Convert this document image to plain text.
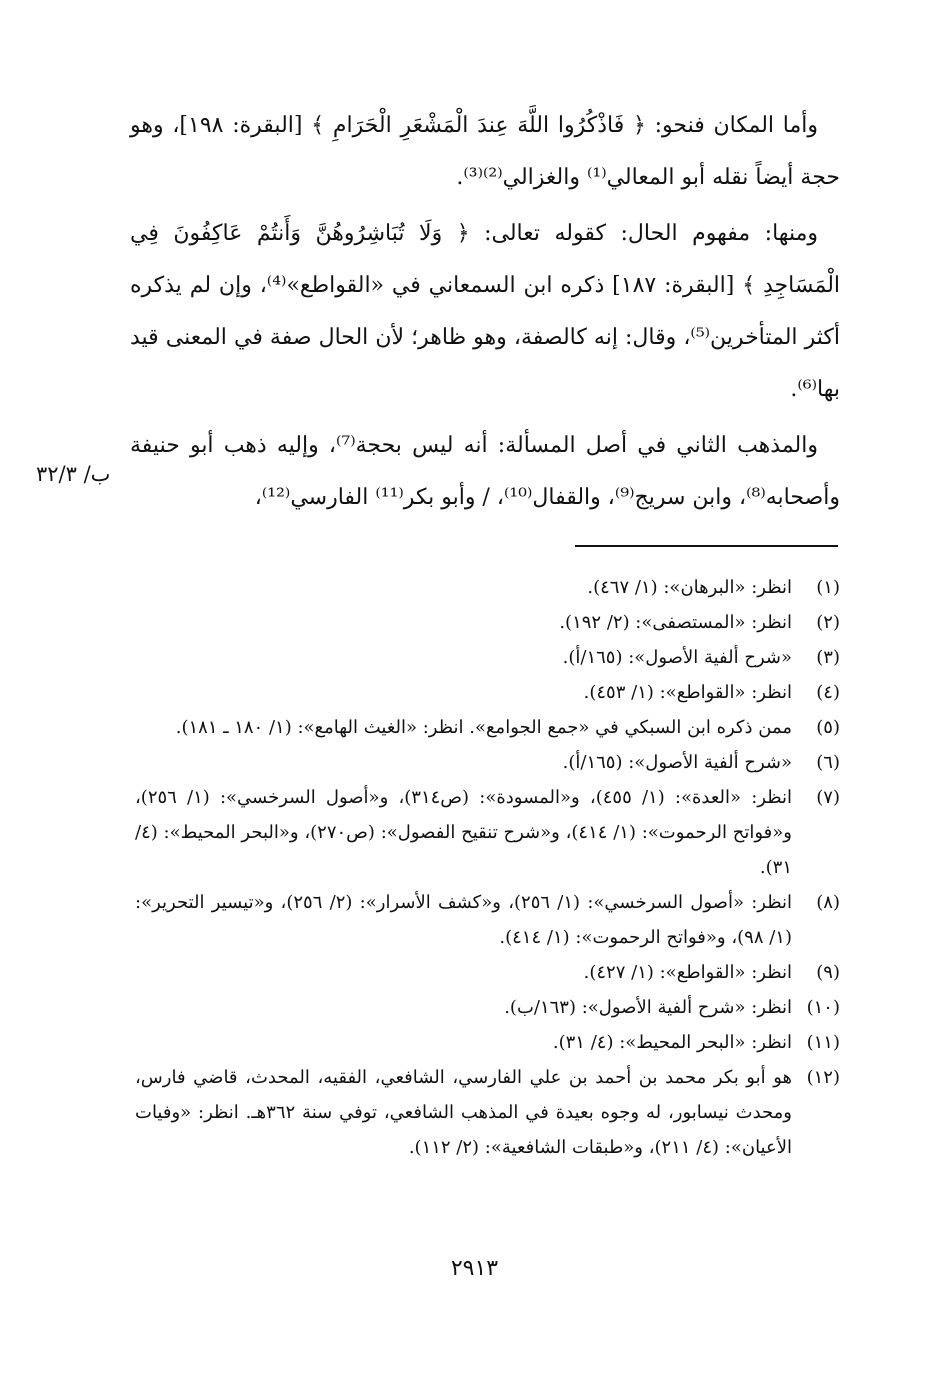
وأما المكان فنحو: ﴿ فَاذْكُرُوا اللَّهَ عِندَ الْمَشْعَرِ الْحَرَامِ ﴾ [البقرة: ١٩٨]، وهو حجة أيضاً نقله أبو المعالي⁽¹⁾ والغزالي⁽²⁾⁽³⁾.

ومنها: مفهوم الحال: كقوله تعالى: ﴿ وَلَا تُبَاشِرُوهُنَّ وَأَنتُمْ عَاكِفُونَ فِي الْمَسَاجِدِ ﴾ [البقرة: ١٨٧] ذكره ابن السمعاني في «القواطع»⁽⁴⁾، وإن لم يذكره أكثر المتأخرين⁽⁵⁾، وقال: إنه كالصفة، وهو ظاهر؛ لأن الحال صفة في المعنى قيد بها⁽⁶⁾.

والمذهب الثاني في أصل المسألة: أنه ليس بحجة⁽⁷⁾، وإليه ذهب أبو حنيفة وأصحابه⁽⁸⁾، وابن سريج⁽⁹⁾، والقفال⁽¹⁰⁾، / وأبو بكر⁽¹¹⁾ الفارسي⁽¹²⁾،

ب/ ٣٢/٣
(١)
انظر: «البرهان»: (١/ ٤٦٧).
(٢)
انظر: «المستصفى»: (٢/ ١٩٢).
(٣)
«شرح ألفية الأصول»: (١٦٥/أ).
(٤)
انظر: «القواطع»: (١/ ٤٥٣).
(٥)
ممن ذكره ابن السبكي في «جمع الجوامع». انظر: «الغيث الهامع»: (١/ ١٨٠ ـ ١٨١).
(٦)
«شرح ألفية الأصول»: (١٦٥/أ).
(٧)
انظر: «العدة»: (١/ ٤٥٥)، و«المسودة»: (ص٣١٤)، و«أصول السرخسي»: (١/ ٢٥٦)، و«فواتح الرحموت»: (١/ ٤١٤)، و«شرح تنقيح الفصول»: (ص٢٧٠)، و«البحر المحيط»: (٤/ ٣١).
(٨)
انظر: «أصول السرخسي»: (١/ ٢٥٦)، و«كشف الأسرار»: (٢/ ٢٥٦)، و«تيسير التحرير»: (١/ ٩٨)، و«فواتح الرحموت»: (١/ ٤١٤).
(٩)
انظر: «القواطع»: (١/ ٤٢٧).
(١٠)
انظر: «شرح ألفية الأصول»: (١٦٣/ب).
(١١)
انظر: «البحر المحيط»: (٤/ ٣١).
(١٢)
هو أبو بكر محمد بن أحمد بن علي الفارسي، الشافعي، الفقيه، المحدث، قاضي فارس، ومحدث نيسابور، له وجوه بعيدة في المذهب الشافعي، توفي سنة ٣٦٢هـ. انظر: «وفيات الأعيان»: (٤/ ٢١١)، و«طبقات الشافعية»: (٢/ ١١٢).
٢٩١٣
